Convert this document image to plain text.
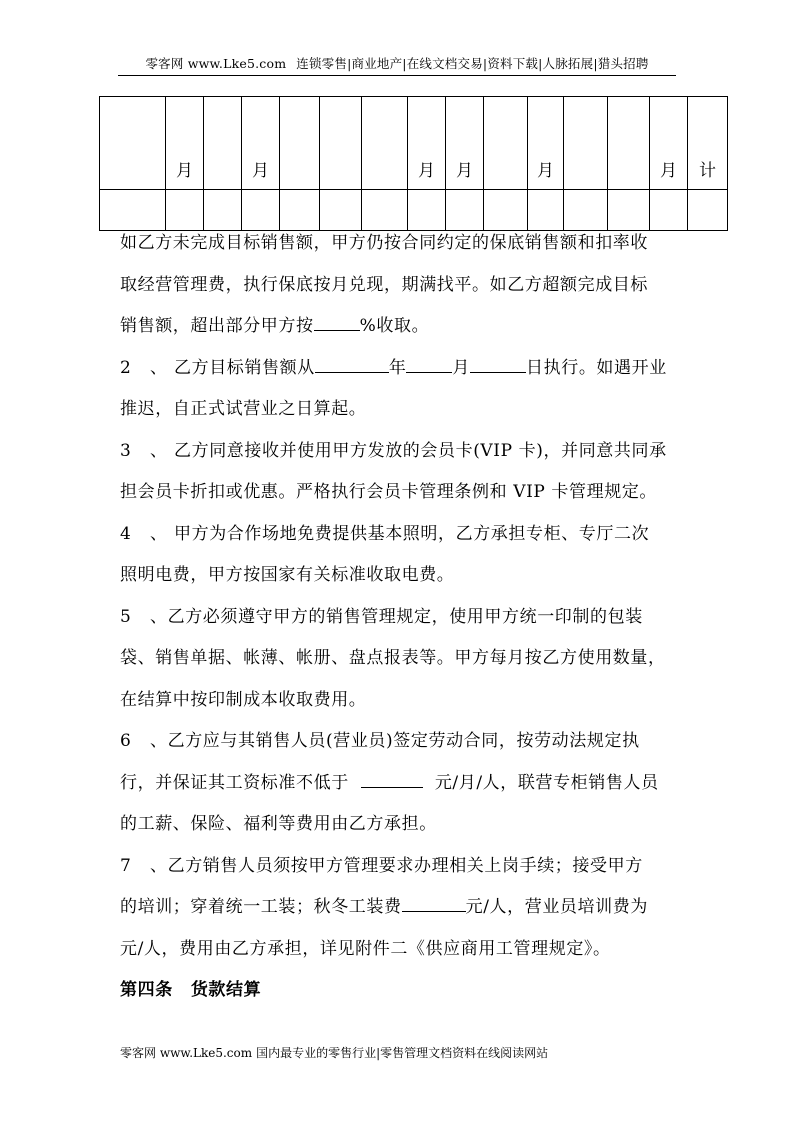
零客网 www.Lke5.com 连锁零售|商业地产|在线文档交易|资料下载|人脉拓展|猎头招聘
	月		月				月	月		月			月	计

如乙方未完成目标销售额，甲方仍按合同约定的保底销售额和扣率收

取经营管理费，执行保底按月兑现，期满找平。如乙方超额完成目标

销售额，超出部分甲方按	%收取。

2 、 乙方目标销售额从	年	月	日执行。如遇开业

推迟，自正式试营业之日算起。

3 、 乙方同意接收并使用甲方发放的会员卡(VIP 卡)，并同意共同承

担会员卡折扣或优惠。严格执行会员卡管理条例和 VIP 卡管理规定。

4 、 甲方为合作场地免费提供基本照明，乙方承担专柜、专厅二次

照明电费，甲方按国家有关标准收取电费。

5 、乙方必须遵守甲方的销售管理规定，使用甲方统一印制的包装

袋、销售单据、帐薄、帐册、盘点报表等。甲方每月按乙方使用数量，

在结算中按印制成本收取费用。

6 、乙方应与其销售人员(营业员)签定劳动合同，按劳动法规定执

行，并保证其工资标准不低于	元/月/人，联营专柜销售人员

的工薪、保险、福利等费用由乙方承担。

7 、乙方销售人员须按甲方管理要求办理相关上岗手续；接受甲方

的培训；穿着统一工装；秋冬工装费	元/人，营业员培训费为

元/人，费用由乙方承担，详见附件二《供应商用工管理规定》。

第四条 货款结算

零客网 www.Lke5.com 国内最专业的零售行业|零售管理文档资料在线阅读网站
